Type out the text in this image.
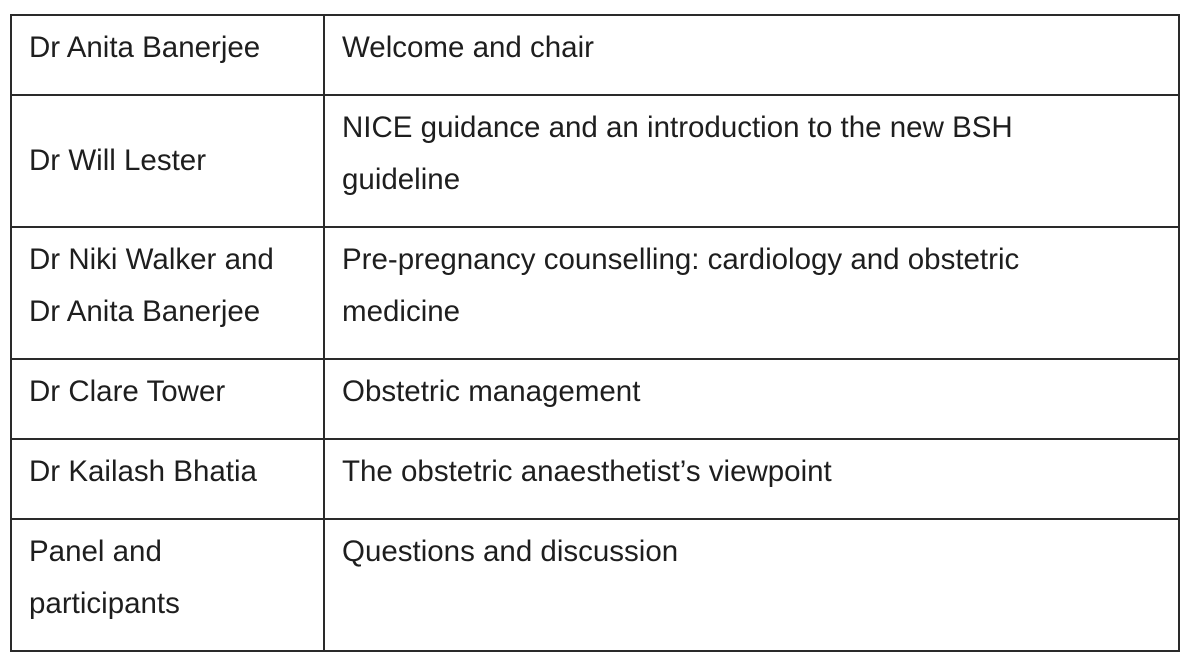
Dr Anita Banerjee	Welcome and chair

Dr Will Lester	NICE guidance and an introduction to the new BSH
guideline

Dr Niki Walker and
Dr Anita Banerjee	Pre-pregnancy counselling: cardiology and obstetric
medicine

Dr Clare Tower	Obstetric management

Dr Kailash Bhatia	The obstetric anaesthetist’s viewpoint

Panel and
participants	Questions and discussion
